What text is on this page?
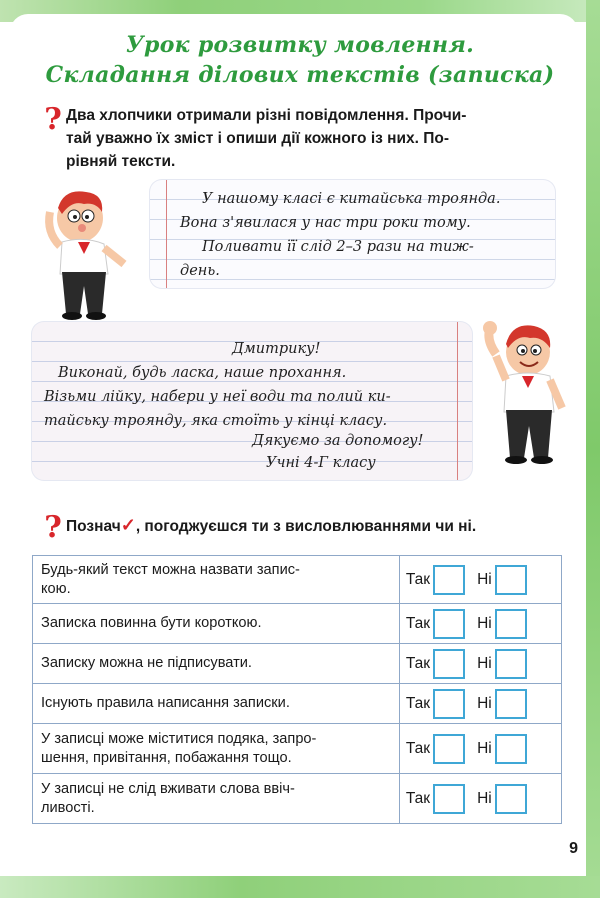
Урок розвитку мовлення.
Складання ділових текстів (записка)
? Два хлопчики отримали різні повідомлення. Прочи-
тай уважно їх зміст і опиши дії кожного із них. По-
рівняй тексти.
У нашому класі є китайська троянда.
Вона з'явилася у нас три роки тому.
Поливати її слід 2–3 рази на тиж-
день.
Дмитрику!
Виконай, будь ласка, наше прохання.
Візьми лійку, набери у неї води та полий ки-
тайську троянду, яка стоїть у кінці класу.
Дякуємо за допомогу!
Учні 4-Г класу
? Познач✓, погоджуєшся ти з висловлюваннями чи ні.
Будь-який текст можна назвати запис-
кою.	Так Ні

Записка повинна бути короткою.	Так Ні

Записку можна не підписувати.	Так Ні

Існують правила написання записки.	Так Ні

У записці може міститися подяка, запро-
шення, привітання, побажання тощо.	Так Ні

У записці не слід вживати слова ввіч-
ливості.	Так Ні
9
